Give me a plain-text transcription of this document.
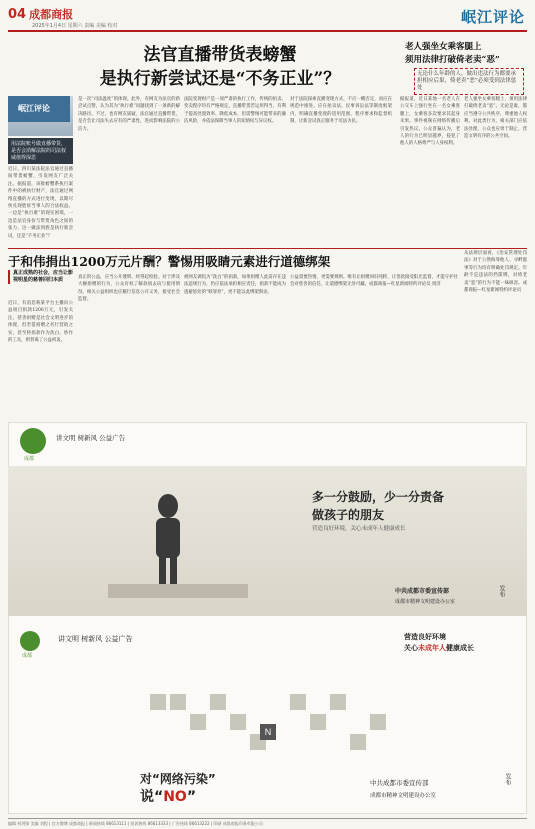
04 成都商报
2025年1月4日 星期六 责编 美编 校对	岷江评论
法官直播带货表螃蟹
是执行新尝试还是“不务正业”？
老人强坐女乘客腿上
须用法律打破倚老卖“恶”
无论什么年龄的人，做出违法行为都要承担相应后果，倚老卖“恶”必须受到法律惩处
岷江评论
用法院账号做直播带货，是否会消解法院的司法权威值得深思
近日，四川某法院法官通过直播间带货螃蟹，引发网友广泛关注。据报道，该批螃蟹系执行案件中的被执行财产，法官通过网络直播的方式进行变现，以期尽快兑现胜诉当事人的合法权益。一边是“执行难”的现实困境，一边是法官身份与带货角色之间的张力，这一做法到底是执行新尝试，还是“不务正业”？
是一次“司法温度”的体现。此外，有网友为法官的新尝试点赞，认为其为“执行难”问题找到了一条新的解决路径。不过，也有网友质疑，法官通过直播带货，是否会让司法失去应有的严肃性，进而影响法院的公信力。
法院变现财产是一项严肃的执行工作，传统的拍卖、变卖程序均有严格规定。直播带货若运用得当，有利于提高处置效率、降低成本，但需警惕可能带来的廉洁风险，并依法保障当事人的知情权与异议权。
对于法院探索直播变现方式，不应一概否定，而应在规范中推进。应在拍卖法、民事诉讼法等制度框架内，明确直播变现的适用范围、程序要求和监督机制，让新尝试真正服务于司法为民。
据报道，近日某地一名老人在公交车上强行坐在一名女乘客腿上，女乘客多次要求其起身未果。事件视频在网络传播后引发热议。公众普遍认为，老人的行为已明显越界，侵犯了他人的人格尊严与人身权利。
老人强坐女乘客腿上，须用法律打破倚老卖“恶”。无论是谁，都应当遵守公共秩序，尊重他人权利。对此类行为，相关部门应依法处理，公众也应勇于制止，营造文明有序的公共空间。
从法律层面看，《治安管理处罚法》对于公然侮辱他人、寻衅滋事等行为均有明确处罚规定。年龄不是违法的挡箭牌，对倚老卖“恶”的行为不能一味纵容。成都商报—红星新闻特约评论员
于和伟捐出1200万元片酬？警惕用吸睛元素进行道德绑架
真正成熟的社会，应当让影视明星的慈善回归本质
近日，有消息称某平台主播向公益项目捐款1200万元，引发关注。慈善捐赠是社会文明进步的体现，但若借捐赠之名行营销之实，甚至将捐款作为洗白、炒作的工具，则背离了公益初衷。
真正的公益，应当公开透明、经得起检验。对于涉及大额捐赠的行为，公众有权了解款项去向与使用情况，相关公益组织也应履行信息公开义务，接受社会监督。
被网友调侃为“洗白”的捐款，如果捐赠人此前存在违法违规行为，仍应依法承担相应责任，捐款不能成为逃避惩处的“赎罪券”，更不能以此绑架舆论。
公益需要热情，更需要规则。唯有让捐赠回归纯粹，让善款接受阳光监督，才能守护社会对慈善的信任，让道德绑架无处可藏。成都商报—红星新闻特约评论员 周济
成都
讲文明 树新风 公益广告
多一分鼓励，少一分责备
做孩子的朋友
营造良好环境，关心未成年人健康成长
中共成都市委宣传部
成都市精神文明建设办公室
发布
成都
讲文明 树新风 公益广告	营造良好环境
关心未成年人健康成长
N
对“网络污染”
说“NO”
中共成都市委宣传部
成都市精神文明建设办公室
发布
编辑 何剑锋 美编 刘程 | 官方微博 成都商报 | 新闻热线 86613111 | 投诉热线 86613333 | 广告热线 86613222 | 印刷 成都商报印务有限公司
